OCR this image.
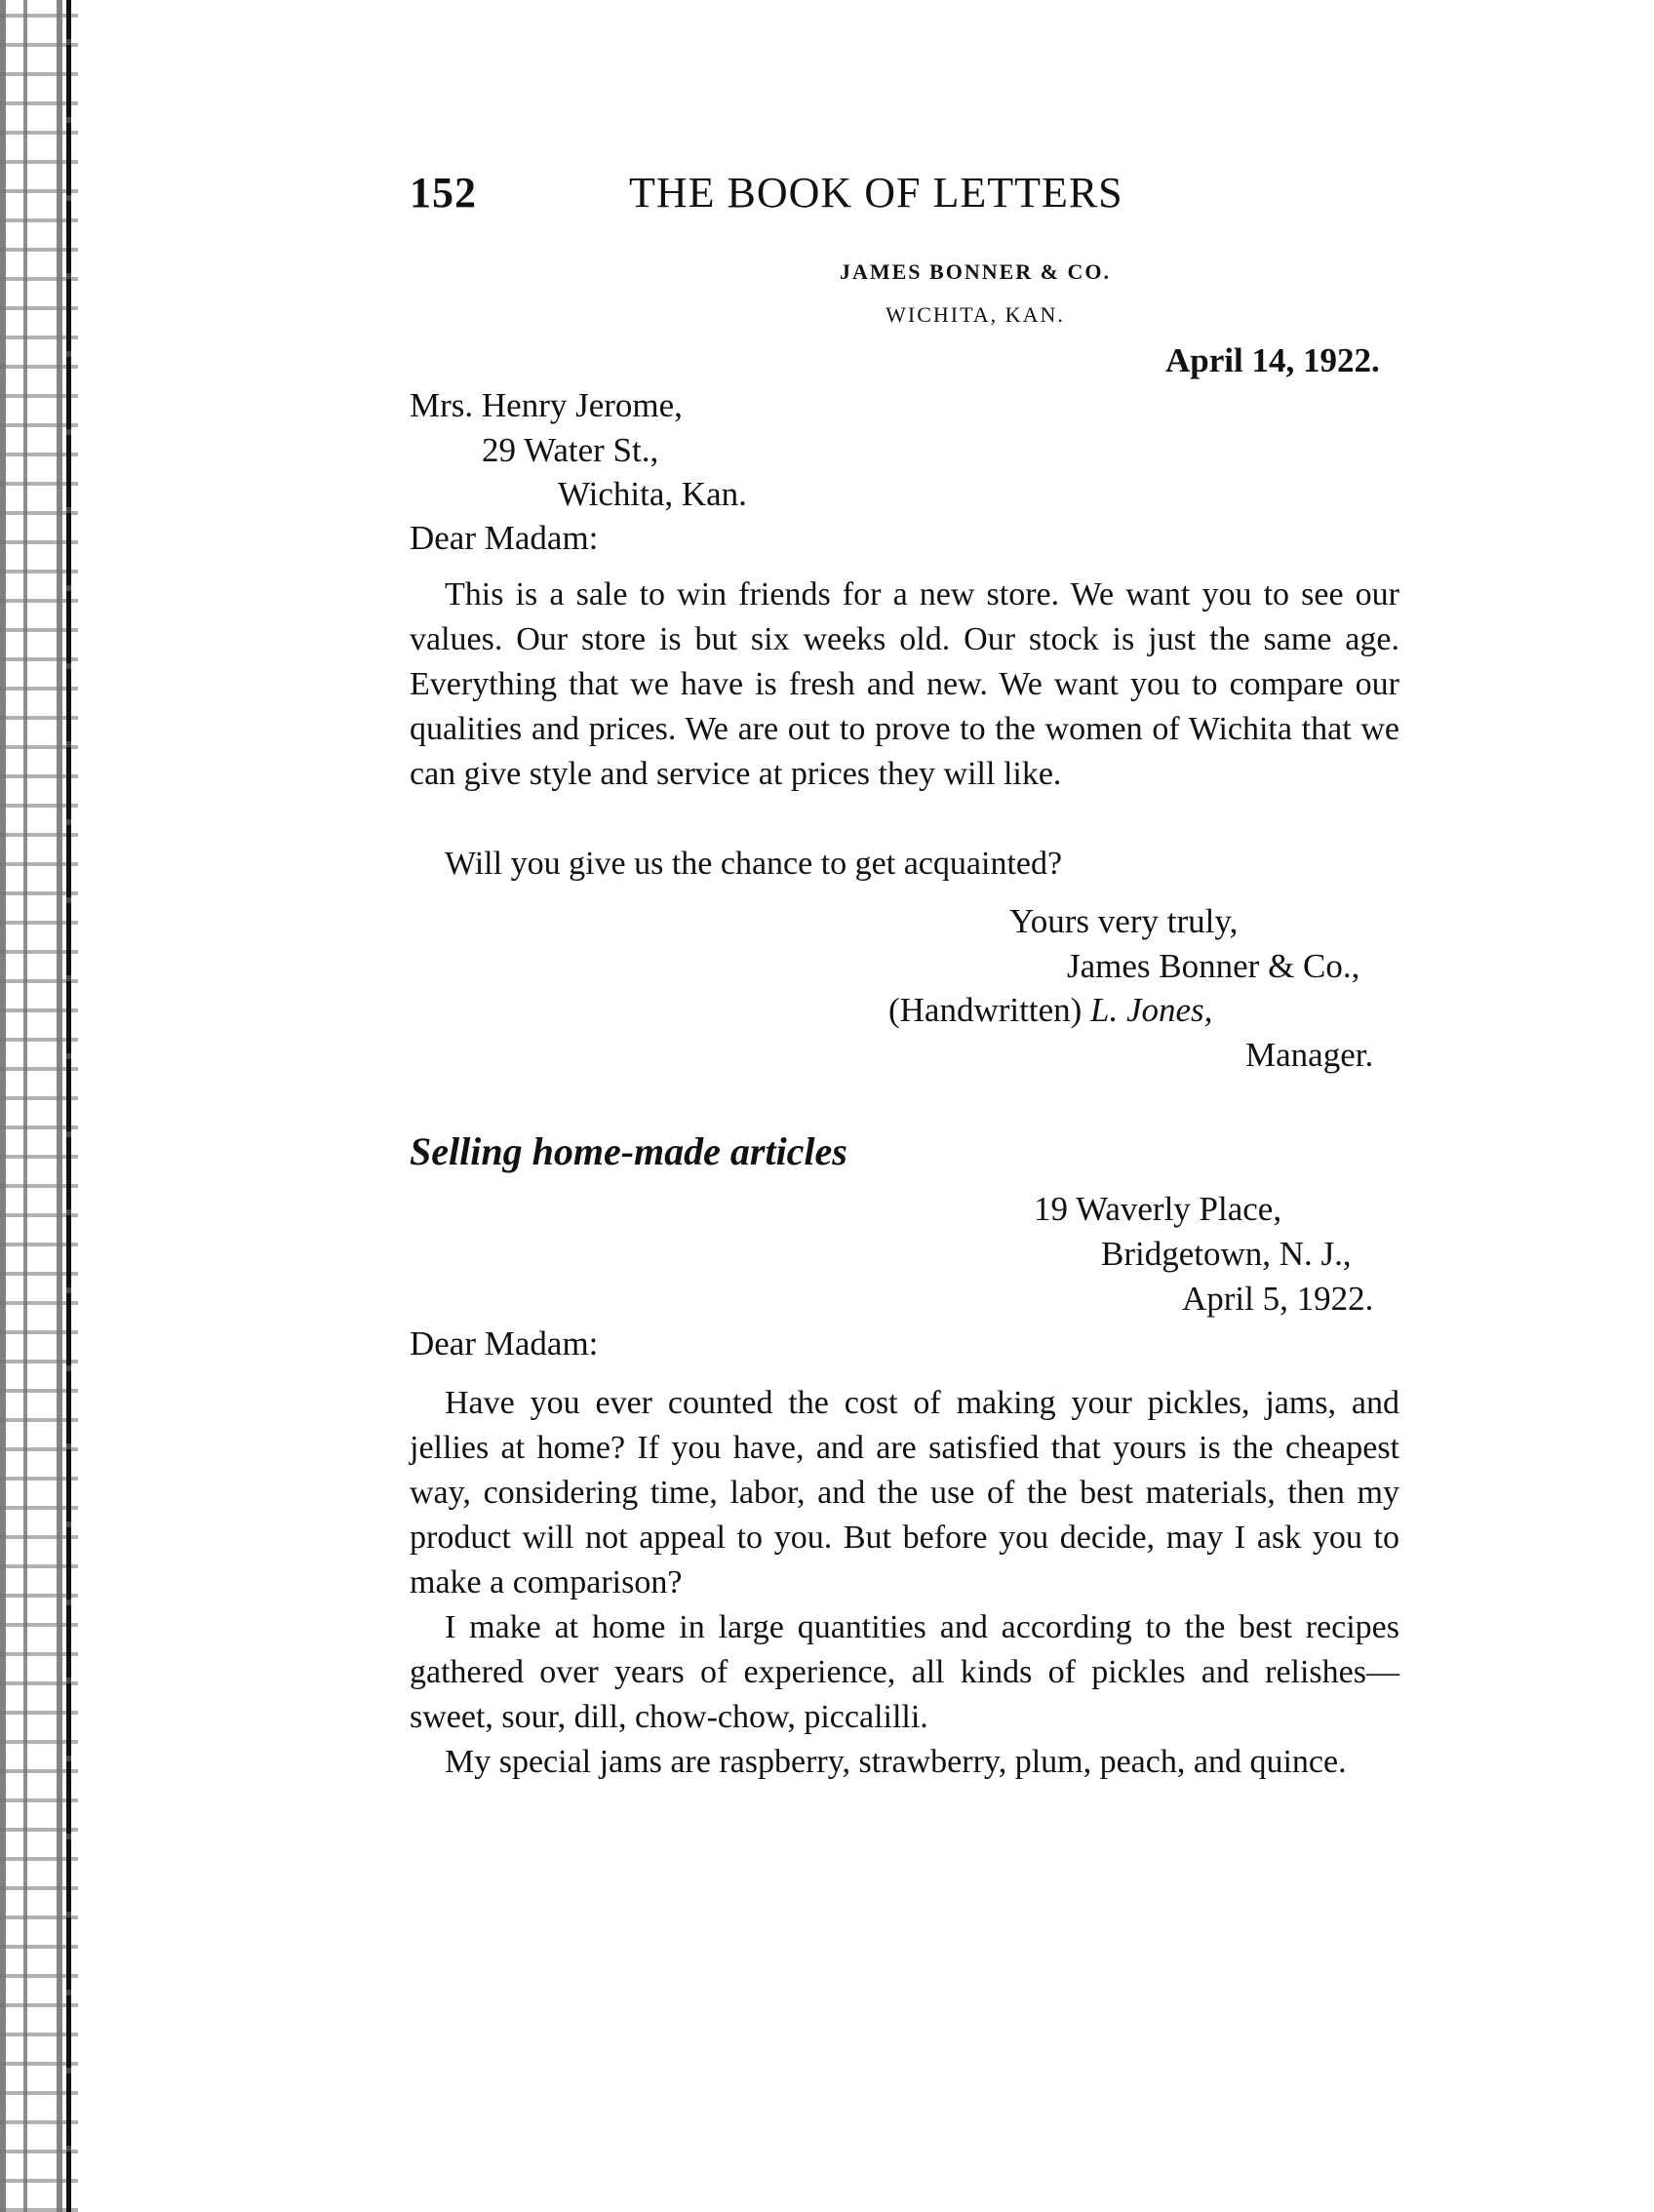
152	THE BOOK OF LETTERS
JAMES BONNER & CO.
WICHITA, KAN.
April 14, 1922.
Mrs. Henry Jerome,
29 Water St.,
Wichita, Kan.
Dear Madam:
This is a sale to win friends for a new store. We want you to see our values. Our store is but six weeks old. Our stock is just the same age. Everything that we have is fresh and new. We want you to compare our qualities and prices. We are out to prove to the women of Wichita that we can give style and service at prices they will like.
Will you give us the chance to get acquainted?
Yours very truly,
James Bonner & Co.,
(Handwritten) L. Jones,
Manager.
Selling home-made articles
19 Waverly Place,
Bridgetown, N. J.,
April 5, 1922.
Dear Madam:
Have you ever counted the cost of making your pickles, jams, and jellies at home? If you have, and are satisfied that yours is the cheapest way, considering time, labor, and the use of the best materials, then my product will not appeal to you. But before you decide, may I ask you to make a comparison?
I make at home in large quantities and according to the best recipes gathered over years of experience, all kinds of pickles and relishes—sweet, sour, dill, chow-chow, piccalilli.
My special jams are raspberry, strawberry, plum, peach, and quince.
